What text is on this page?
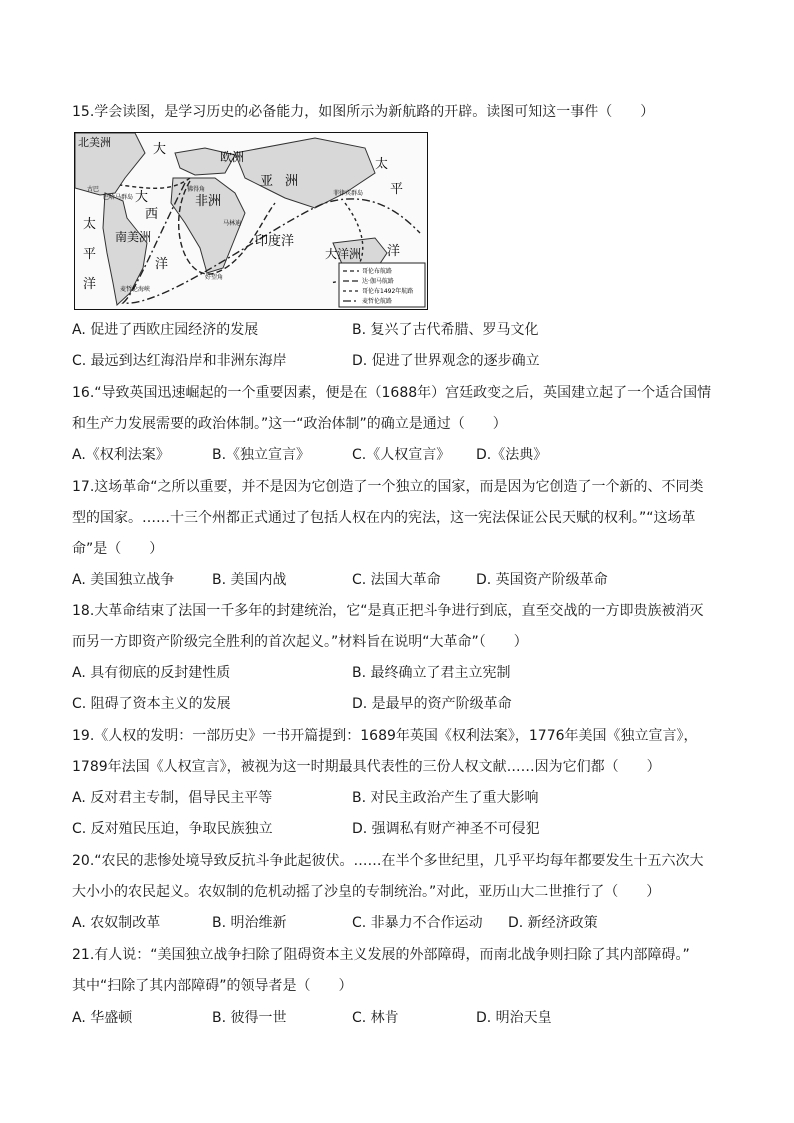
15.学会读图，是学习历史的必备能力，如图所示为新航路的开辟。读图可知这一事件（　　）
北美洲	大	欧洲
亚 洲
太
平
非洲
大
西
南美洲	印度洋
太
平
洋
洋
大洋洲 洋
古巴
巴哈马群岛
佛得角
好望角
麦哲伦海峡
马林迪
菲律宾群岛
哥伦布航路
达·伽马航路
哥伦布1492年航路
麦哲伦航路
A. 促进了西欧庄园经济的发展	B. 复兴了古代希腊、罗马文化
C. 最远到达红海沿岸和非洲东海岸	D. 促进了世界观念的逐步确立
16.“导致英国迅速崛起的一个重要因素，便是在（1688年）宫廷政变之后，英国建立起了一个适合国情
和生产力发展需要的政治体制。”这一“政治体制”的确立是通过（　　）
A.《权利法案》	B.《独立宣言》	C.《人权宣言》 D.《法典》
17.这场革命“之所以重要，并不是因为它创造了一个独立的国家，而是因为它创造了一个新的、不同类
型的国家。……十三个州都正式通过了包括人权在内的宪法，这一宪法保证公民天赋的权利。”“这场革
命”是（　　）
A. 美国独立战争	B. 美国内战	C. 法国大革命	D. 英国资产阶级革命
18.大革命结束了法国一千多年的封建统治，它“是真正把斗争进行到底，直至交战的一方即贵族被消灭
而另一方即资产阶级完全胜利的首次起义。”材料旨在说明“大革命”（　　）
A. 具有彻底的反封建性质	B. 最终确立了君主立宪制
C. 阻碍了资本主义的发展	D. 是最早的资产阶级革命
19.《人权的发明：一部历史》一书开篇提到：1689年英国《权利法案》，1776年美国《独立宣言》，
1789年法国《人权宣言》，被视为这一时期最具代表性的三份人权文献……因为它们都（　　）
A. 反对君主专制，倡导民主平等	B. 对民主政治产生了重大影响
C. 反对殖民压迫，争取民族独立	D. 强调私有财产神圣不可侵犯
20.“农民的悲惨处境导致反抗斗争此起彼伏。……在半个多世纪里，几乎平均每年都要发生十五六次大
大小小的农民起义。农奴制的危机动摇了沙皇的专制统治。”对此，亚历山大二世推行了（　　）
A. 农奴制改革	B. 明治维新	C. 非暴力不合作运动 D. 新经济政策
21.有人说：“美国独立战争扫除了阻碍资本主义发展的外部障碍，而南北战争则扫除了其内部障碍。”
其中“扫除了其内部障碍”的领导者是（　　）
A. 华盛顿	B. 彼得一世	C. 林肯	D. 明治天皇
